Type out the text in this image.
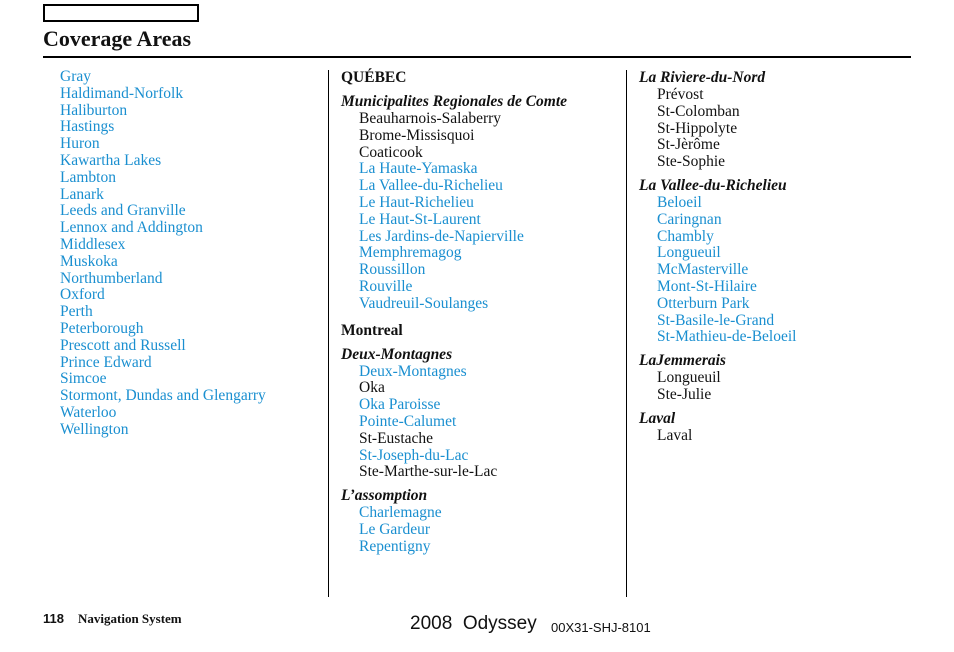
Coverage Areas
Gray
Haldimand-Norfolk
Haliburton
Hastings
Huron
Kawartha Lakes
Lambton
Lanark
Leeds and Granville
Lennox and Addington
Middlesex
Muskoka
Northumberland
Oxford
Perth
Peterborough
Prescott and Russell
Prince Edward
Simcoe
Stormont, Dundas and Glengarry
Waterloo
Wellington
QUÉBEC
Municipalites Regionales de Comte
Beauharnois-Salaberry
Brome-Missisquoi
Coaticook
La Haute-Yamaska
La Vallee-du-Richelieu
Le Haut-Richelieu
Le Haut-St-Laurent
Les Jardins-de-Napierville
Memphremagog
Roussillon
Rouville
Vaudreuil-Soulanges
Montreal
Deux-Montagnes
Deux-Montagnes
Oka
Oka Paroisse
Pointe-Calumet
St-Eustache
St-Joseph-du-Lac
Ste-Marthe-sur-le-Lac
L’assomption
Charlemagne
Le Gardeur
Repentigny
La Rivìere-du-Nord
Prévost
St-Colomban
St-Hippolyte
St-Jèrôme
Ste-Sophie
La Vallee-du-Richelieu
Beloeil
Caringnan
Chambly
Longueuil
McMasterville
Mont-St-Hilaire
Otterburn Park
St-Basile-le-Grand
St-Mathieu-de-Beloeil
LaJemmerais
Longueuil
Ste-Julie
Laval
Laval
118 Navigation System	2008  Odyssey 00X31-SHJ-8101
